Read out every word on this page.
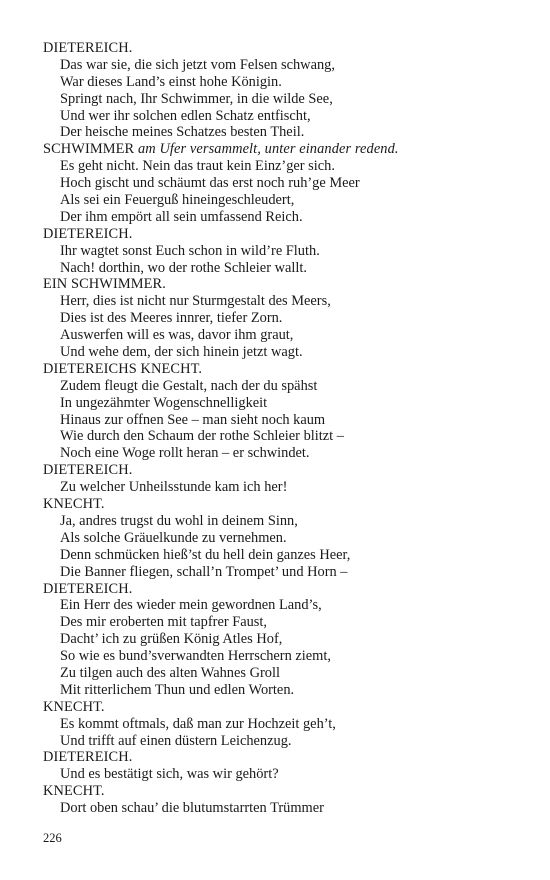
DIETEREICH.
Das war sie, die sich jetzt vom Felsen schwang,
War dieses Land’s einst hohe Königin.
Springt nach, Ihr Schwimmer, in die wilde See,
Und wer ihr solchen edlen Schatz entfischt,
Der heische meines Schatzes besten Theil.
SCHWIMMER am Ufer versammelt, unter einander redend.
Es geht nicht. Nein das traut kein Einz’ger sich.
Hoch gischt und schäumt das erst noch ruh’ge Meer
Als sei ein Feuerguß hineingeschleudert,
Der ihm empört all sein umfassend Reich.
DIETEREICH.
Ihr wagtet sonst Euch schon in wild’re Fluth.
Nach! dorthin, wo der rothe Schleier wallt.
EIN SCHWIMMER.
Herr, dies ist nicht nur Sturmgestalt des Meers,
Dies ist des Meeres innrer, tiefer Zorn.
Auswerfen will es was, davor ihm graut,
Und wehe dem, der sich hinein jetzt wagt.
DIETEREICHS KNECHT.
Zudem fleugt die Gestalt, nach der du spähst
In ungezähmter Wogenschnelligkeit
Hinaus zur offnen See – man sieht noch kaum
Wie durch den Schaum der rothe Schleier blitzt –
Noch eine Woge rollt heran – er schwindet.
DIETEREICH.
Zu welcher Unheilsstunde kam ich her!
KNECHT.
Ja, andres trugst du wohl in deinem Sinn,
Als solche Gräuelkunde zu vernehmen.
Denn schmücken hieß’st du hell dein ganzes Heer,
Die Banner fliegen, schall’n Trompet’ und Horn –
DIETEREICH.
Ein Herr des wieder mein gewordnen Land’s,
Des mir eroberten mit tapfrer Faust,
Dacht’ ich zu grüßen König Atles Hof,
So wie es bund’sverwandten Herrschern ziemt,
Zu tilgen auch des alten Wahnes Groll
Mit ritterlichem Thun und edlen Worten.
KNECHT.
Es kommt oftmals, daß man zur Hochzeit geh’t,
Und trifft auf einen düstern Leichenzug.
DIETEREICH.
Und es bestätigt sich, was wir gehört?
KNECHT.
Dort oben schau’ die blutumstarrten Trümmer
226
